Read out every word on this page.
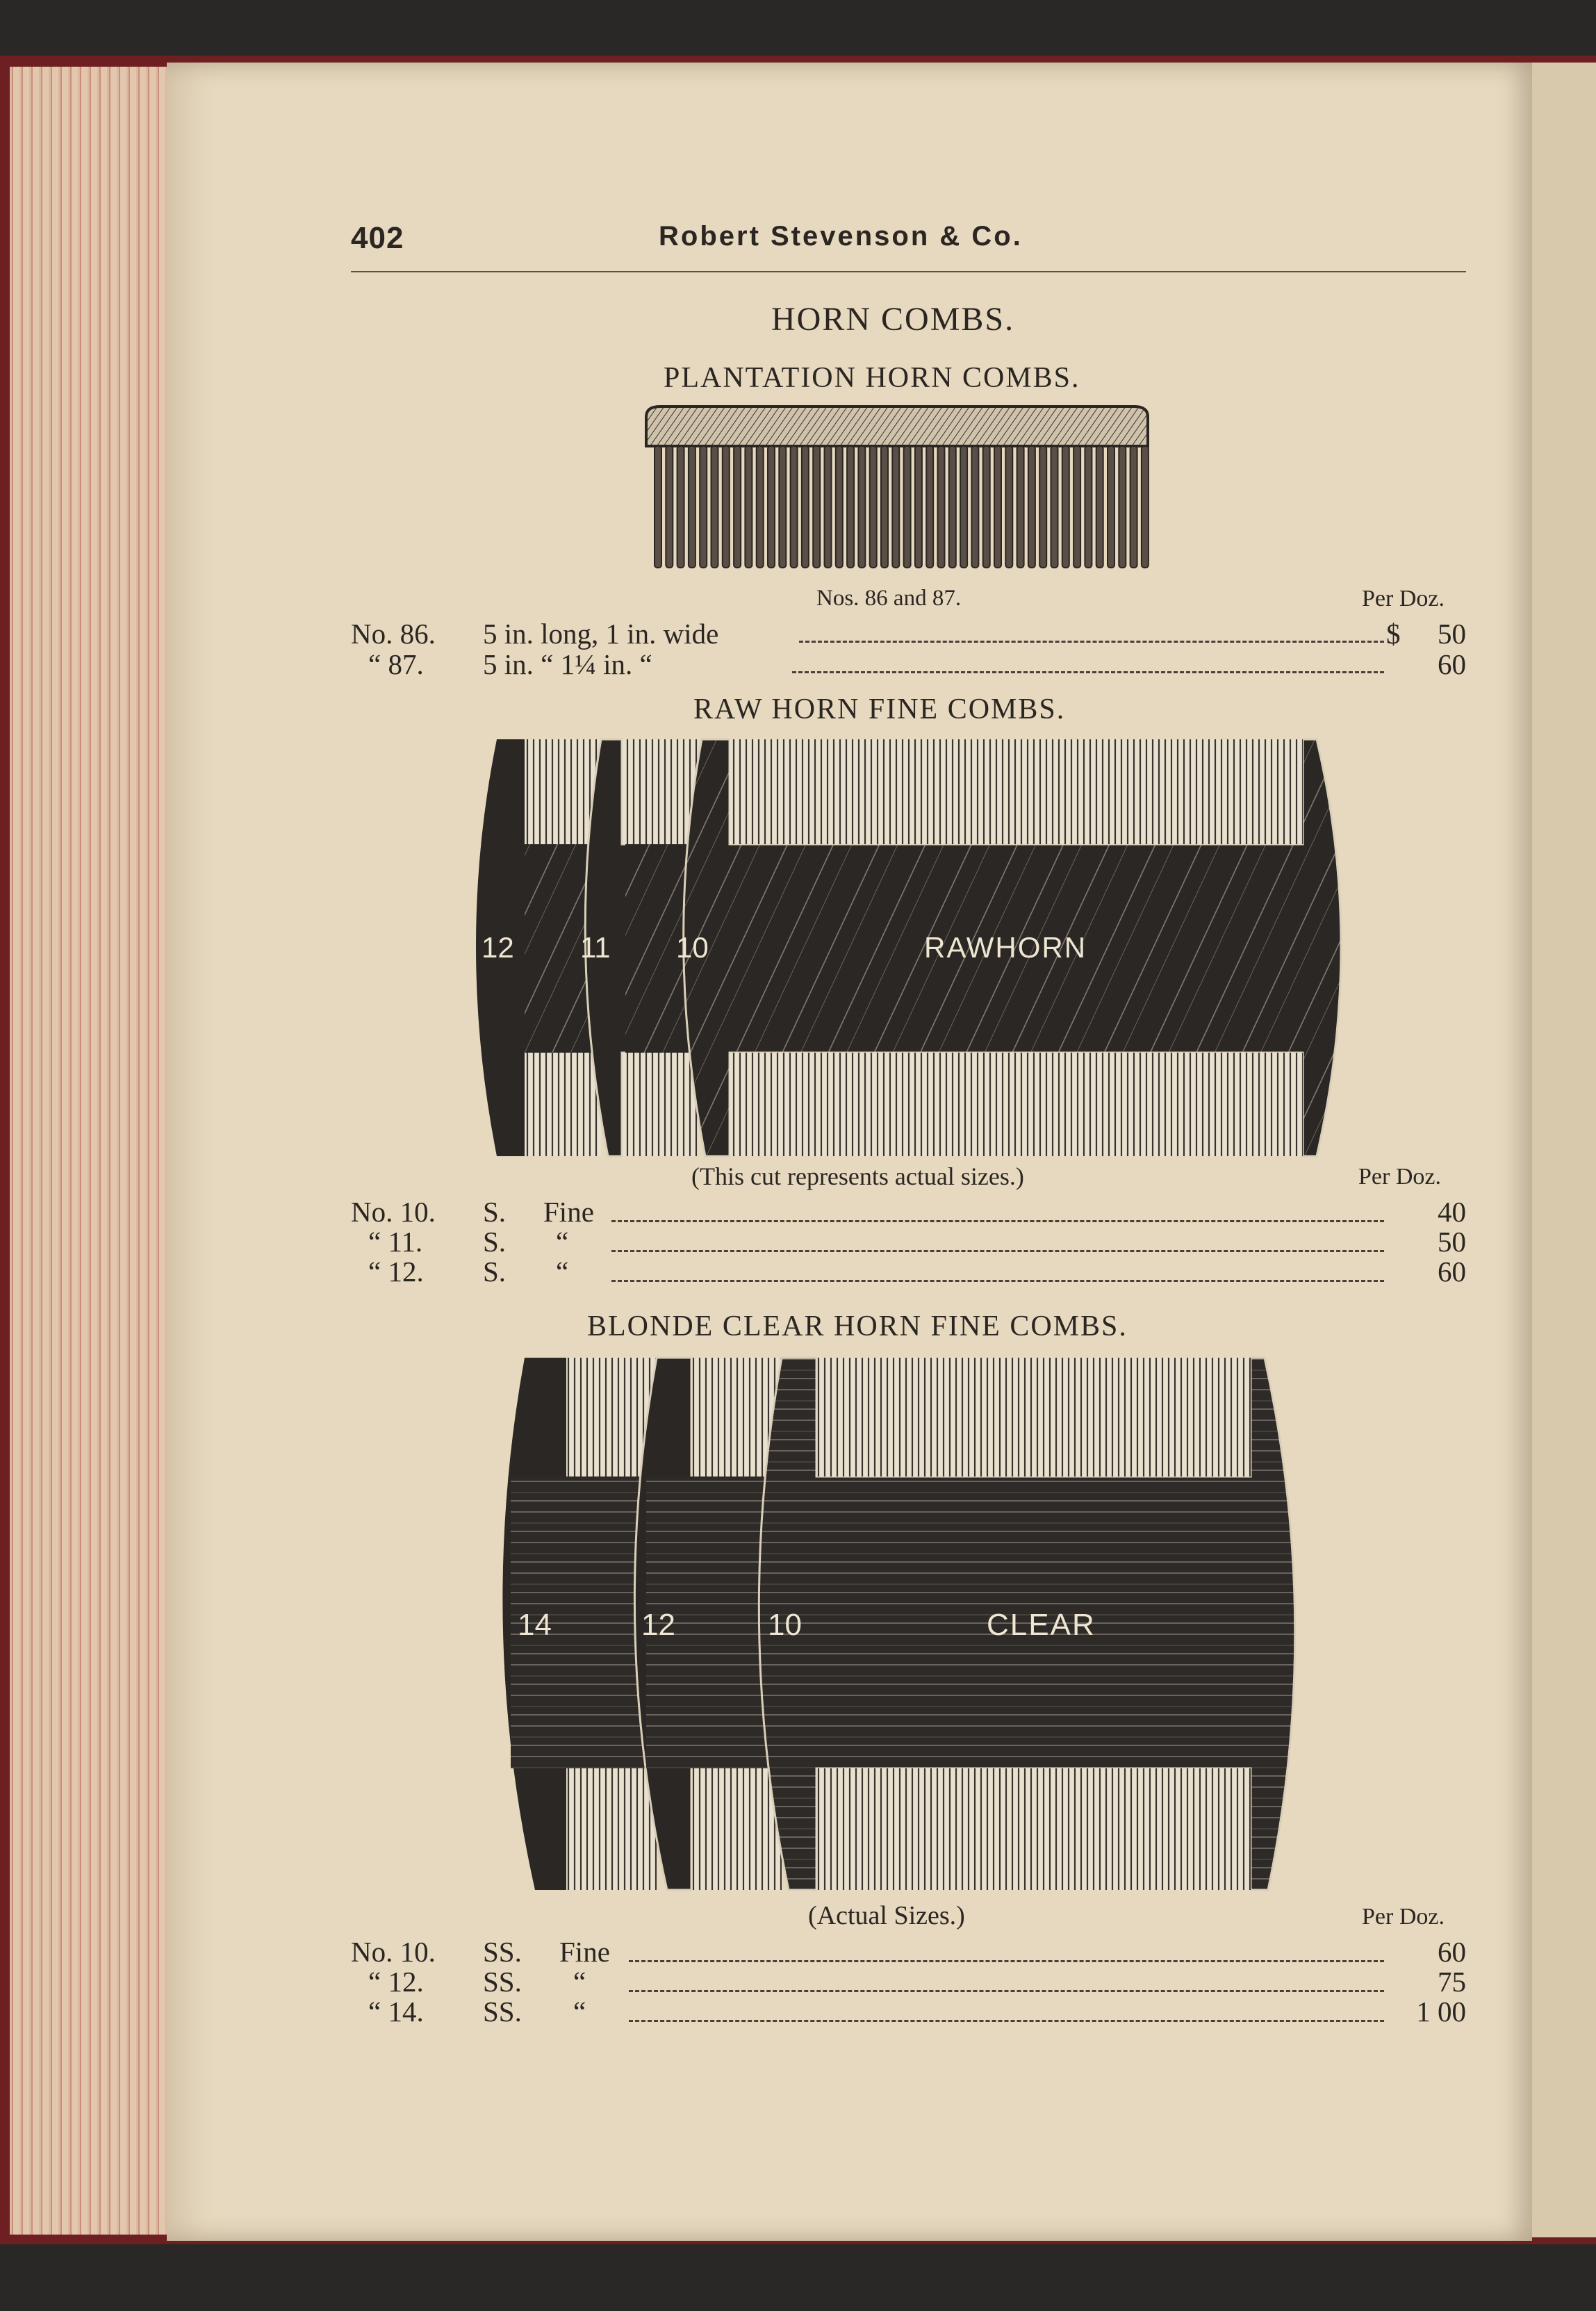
402	Robert Stevenson & Co.
HORN COMBS.
PLANTATION HORN COMBS.
Nos. 86 and 87.	Per Doz.
No. 86. 5 in. long, 1 in. wide	$	50
“ 87. 5 in. “ 1¼ in. “	60
RAW HORN FINE COMBS.
12 11 10	RAWHORN
(This cut represents actual sizes.)	Per Doz.
No. 10. S. Fine	40
“ 11. S. “	50
“ 12. S. “	60
BLONDE CLEAR HORN FINE COMBS.
14	12	10	CLEAR
(Actual Sizes.)	Per Doz.
No. 10. SS. Fine	60
“ 12. SS. “	75
“ 14. SS. “	1 00
